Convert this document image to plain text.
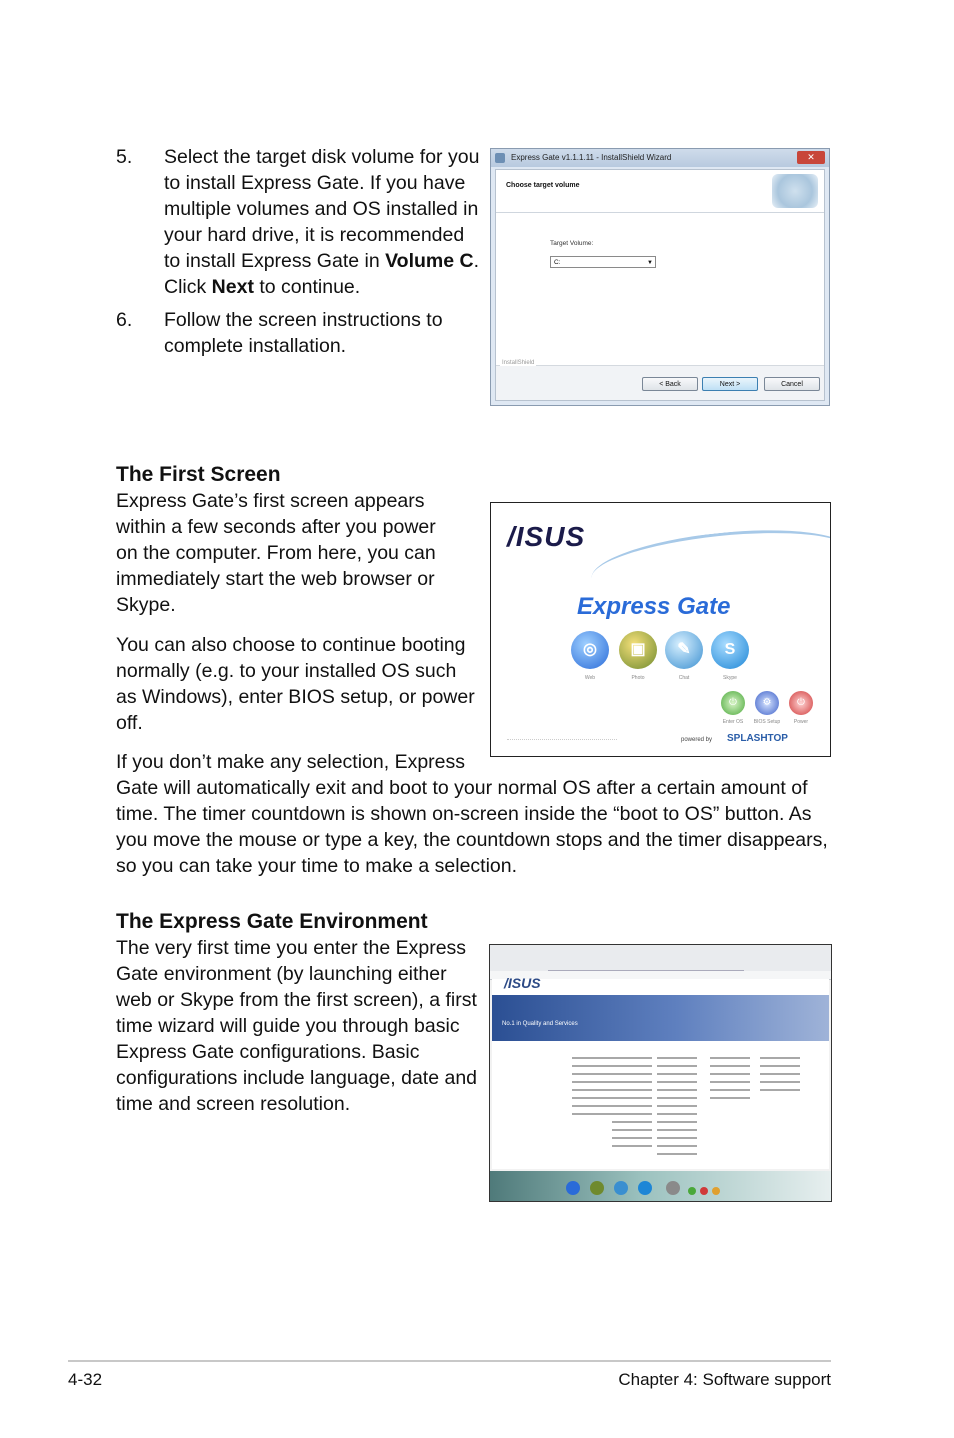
5.	Select the target disk volume for you to install Express Gate. If you have multiple volumes and OS installed in your hard drive, it is recommended to install Express Gate in Volume C. Click Next to continue.
6.	Follow the screen instructions to complete installation.
Express Gate v1.1.1.11 - InstallShield Wizard	✕
Choose target volume
Target Volume:
C:	▼
InstallShield
< Back	Next >	Cancel
The First Screen
Express Gate’s first screen appears within a few seconds after you power on the computer. From here, you can immediately start the web browser or Skype.
You can also choose to continue booting normally (e.g. to your installed OS such as Windows), enter BIOS setup, or power off.
If you don’t make any selection, Express
Gate will automatically exit and boot to your normal OS after a certain amount of time. The timer countdown is shown on-screen inside the “boot to OS” button. As you move the mouse or type a key, the countdown stops and the timer disappears, so you can take your time to make a selection.
/ISUS
Express Gate
◎
Web
▣
Photo
✎
Chat
S
Skype
⏻
Enter OS
⚙
BIOS Setup
⏻
Power
powered by SPLASHTOP
The Express Gate Environment
The very first time you enter the Express Gate environment (by launching either web or Skype from the first screen), a first time wizard will guide you through basic Express Gate configurations. Basic configurations include language, date and time and screen resolution.
/ISUS
No.1 in Quality and Services
4-32	Chapter 4: Software support
